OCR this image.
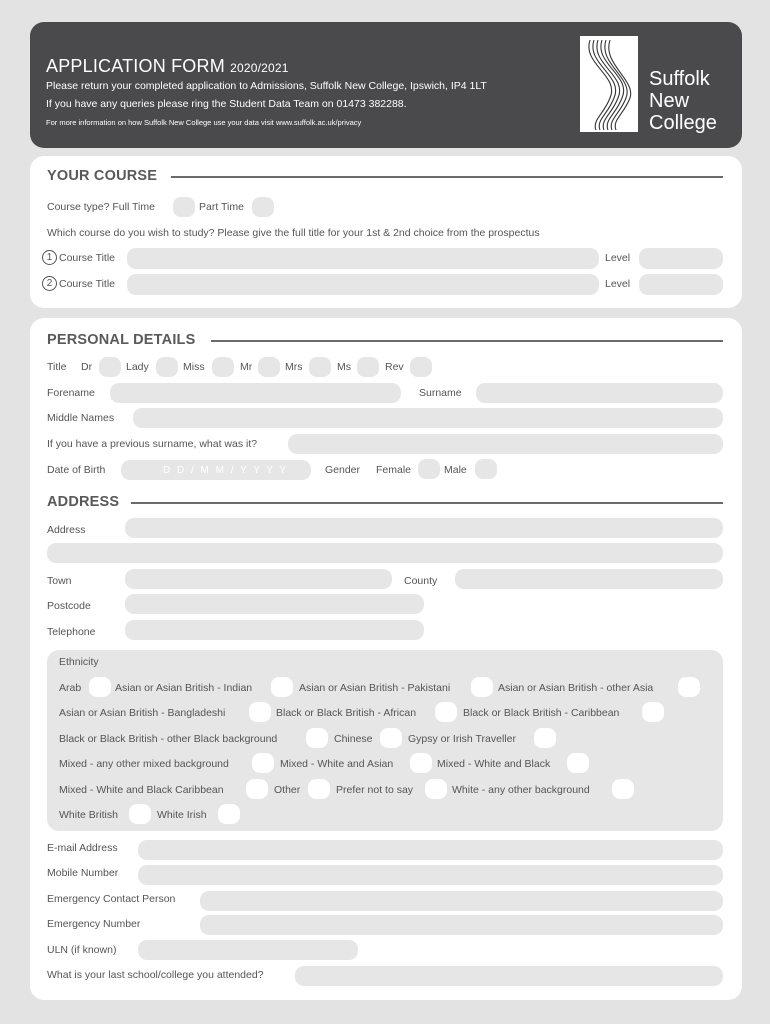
APPLICATION FORM 2020/2021
Please return your completed application to Admissions, Suffolk New College, Ipswich, IP4 1LT
If you have any queries please ring the Student Data Team on 01473 382288.
For more information on how Suffolk New College use your data visit www.suffolk.ac.uk/privacy
Suffolk
New
College
YOUR COURSE
Course type? Full Time	Part Time
Which course do you wish to study? Please give the full title for your 1st & 2nd choice from the prospectus
1 Course Title	Level
2 Course Title	Level
PERSONAL DETAILS
Title Dr	Lady	Miss	Mr	Mrs	Ms	Rev
Forename	Surname
Middle Names
If you have a previous surname, what was it?
Date of Birth	D D / M M / Y Y Y Y	Gender Female	Male
ADDRESS
Address
Town	County
Postcode
Telephone
Ethnicity
Arab	Asian or Asian British - Indian	Asian or Asian British - Pakistani	Asian or Asian British - other Asia
Asian or Asian British - Bangladeshi	Black or Black British - African	Black or Black British - Caribbean
Black or Black British - other Black background	Chinese	Gypsy or Irish Traveller
Mixed - any other mixed background	Mixed - White and Asian	Mixed - White and Black
Mixed - White and Black Caribbean	Other	Prefer not to say	White - any other background
White British	White Irish
E-mail Address
Mobile Number
Emergency Contact Person
Emergency Number
ULN (if known)
What is your last school/college you attended?
